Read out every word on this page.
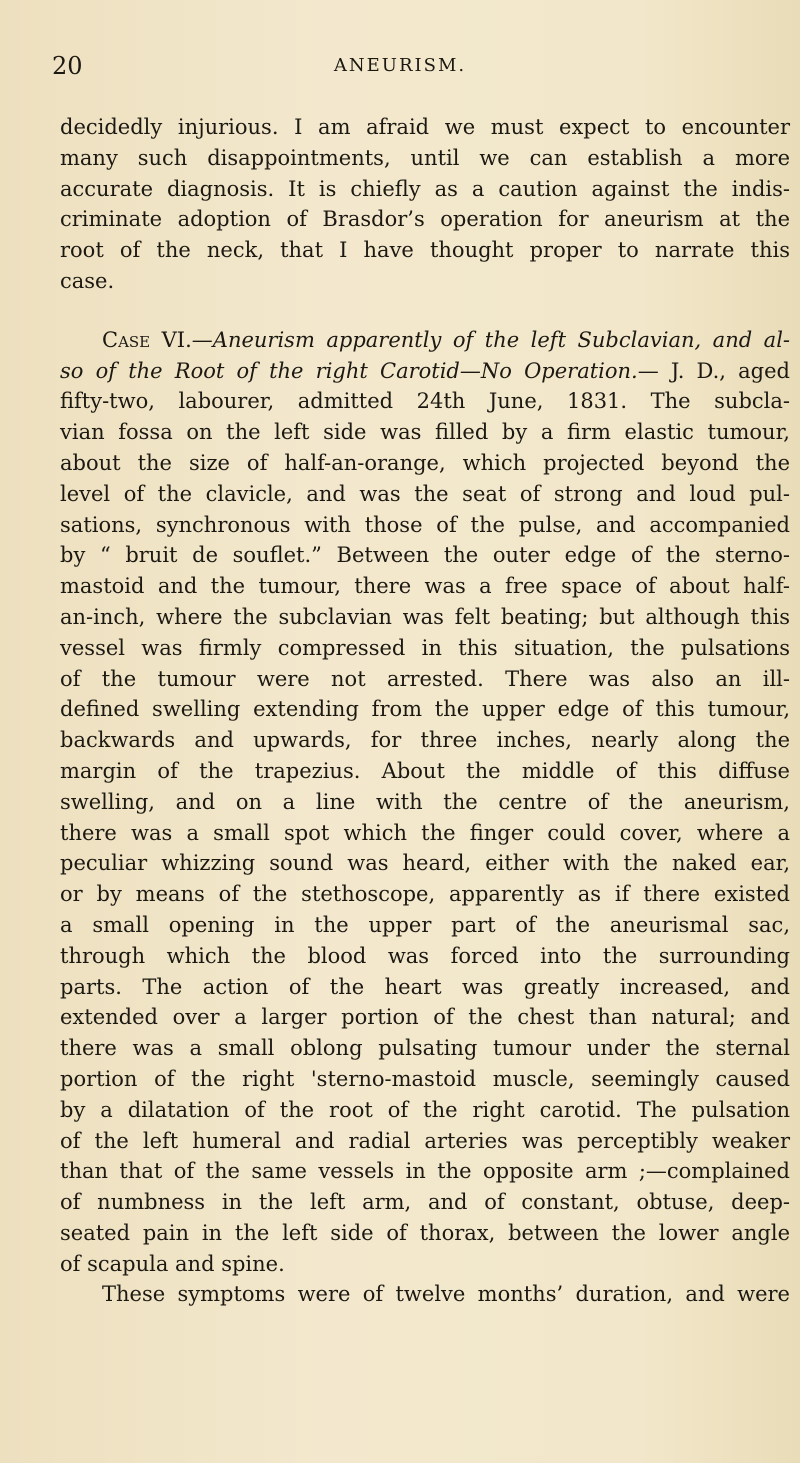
20	ANEURISM.
decidedly injurious. I am afraid we must expect to encounter
many such disappointments, until we can establish a more
accurate diagnosis. It is chiefly as a caution against the indis-
criminate adoption of Brasdor’s operation for aneurism at the
root of the neck, that I have thought proper to narrate this
case.
Case VI.—Aneurism apparently of the left Subclavian, and al-
so of the Root of the right Carotid—No Operation.— J. D., aged
fifty-two, labourer, admitted 24th June, 1831. The subcla-
vian fossa on the left side was filled by a firm elastic tumour,
about the size of half-an-orange, which projected beyond the
level of the clavicle, and was the seat of strong and loud pul-
sations, synchronous with those of the pulse, and accompanied
by “ bruit de souflet.” Between the outer edge of the sterno-
mastoid and the tumour, there was a free space of about half-
an-inch, where the subclavian was felt beating; but although this
vessel was firmly compressed in this situation, the pulsations
of the tumour were not arrested. There was also an ill-
defined swelling extending from the upper edge of this tumour,
backwards and upwards, for three inches, nearly along the
margin of the trapezius. About the middle of this diffuse
swelling, and on a line with the centre of the aneurism,
there was a small spot which the finger could cover, where a
peculiar whizzing sound was heard, either with the naked ear,
or by means of the stethoscope, apparently as if there existed
a small opening in the upper part of the aneurismal sac,
through which the blood was forced into the surrounding
parts. The action of the heart was greatly increased, and
extended over a larger portion of the chest than natural; and
there was a small oblong pulsating tumour under the sternal
portion of the right 'sterno-mastoid muscle, seemingly caused
by a dilatation of the root of the right carotid. The pulsation
of the left humeral and radial arteries was perceptibly weaker
than that of the same vessels in the opposite arm ;—complained
of numbness in the left arm, and of constant, obtuse, deep-
seated pain in the left side of thorax, between the lower angle
of scapula and spine.
These symptoms were of twelve months’ duration, and were
